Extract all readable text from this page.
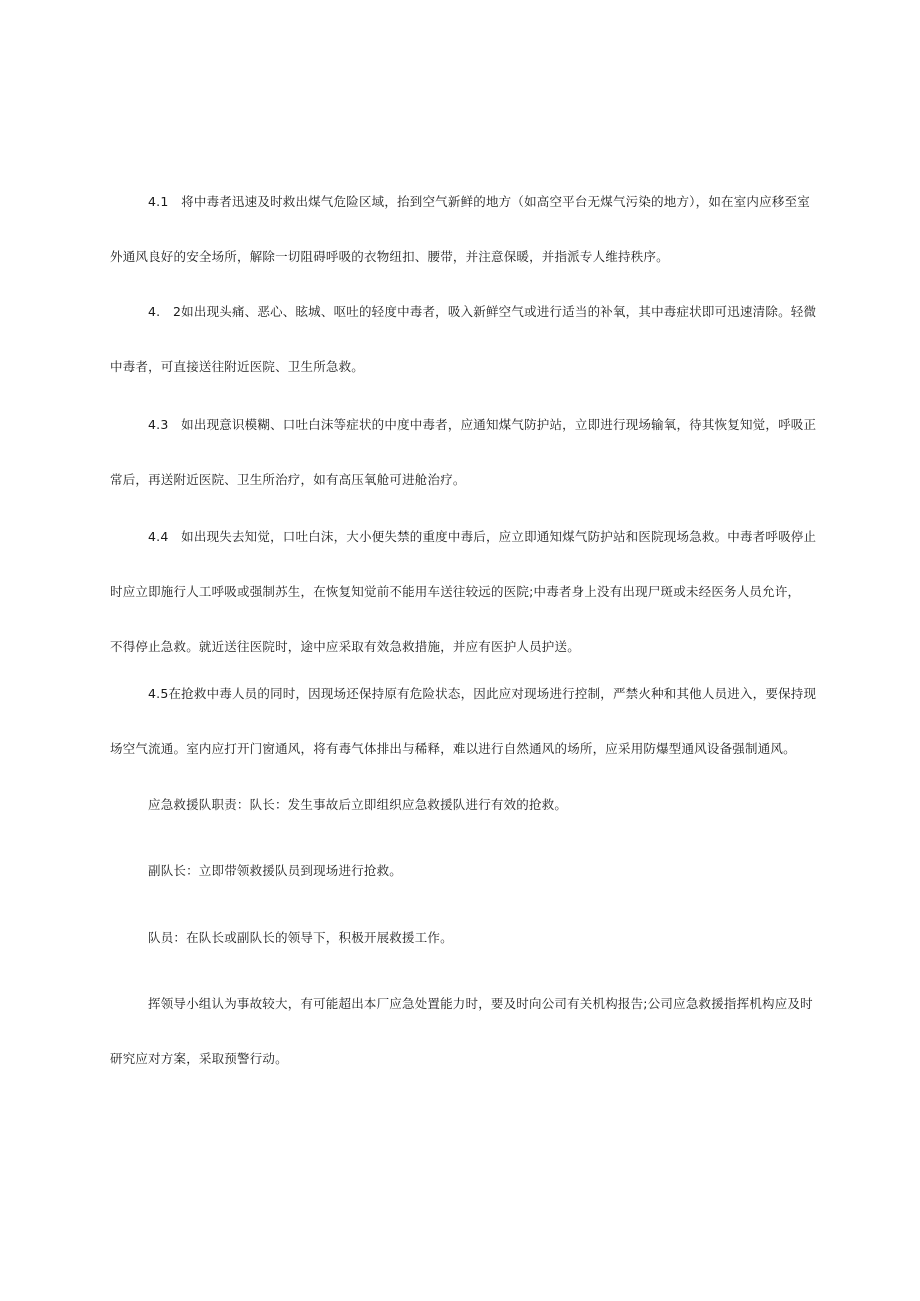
4.1　将中毒者迅速及时救出煤气危险区域，抬到空气新鲜的地方（如高空平台无煤气污染的地方），如在室内应移至室
外通风良好的安全场所，解除一切阻碍呼吸的衣物纽扣、腰带，并注意保暖，并指派专人维持秩序。

4.　2如出现头痛、恶心、眩城、呕吐的轻度中毒者，吸入新鲜空气或进行适当的补氧，其中毒症状即可迅速清除。轻微
中毒者，可直接送往附近医院、卫生所急救。

4.3　如出现意识模糊、口吐白沫等症状的中度中毒者，应通知煤气防护站，立即进行现场输氧，待其恢复知觉，呼吸正
常后，再送附近医院、卫生所治疗，如有高压氧舱可进舱治疗。

4.4　如出现失去知觉，口吐白沫，大小便失禁的重度中毒后，应立即通知煤气防护站和医院现场急救。中毒者呼吸停止
时应立即施行人工呼吸或强制苏生，在恢复知觉前不能用车送往较远的医院;中毒者身上没有出现尸斑或未经医务人员允许，
不得停止急救。就近送往医院时，途中应采取有效急救措施，并应有医护人员护送。

4.5在抢救中毒人员的同时，因现场还保持原有危险状态，因此应对现场进行控制，严禁火种和其他人员进入，要保持现
场空气流通。室内应打开门窗通风，将有毒气体排出与稀释，难以进行自然通风的场所，应采用防爆型通风设备强制通风。

应急救援队职责：队长：发生事故后立即组织应急救援队进行有效的抢救。

副队长：立即带领救援队员到现场进行抢救。

队员：在队长或副队长的领导下，积极开展救援工作。

挥领导小组认为事故较大，有可能超出本厂应急处置能力时，要及时向公司有关机构报告;公司应急救援指挥机构应及时
研究应对方案，采取预警行动。
